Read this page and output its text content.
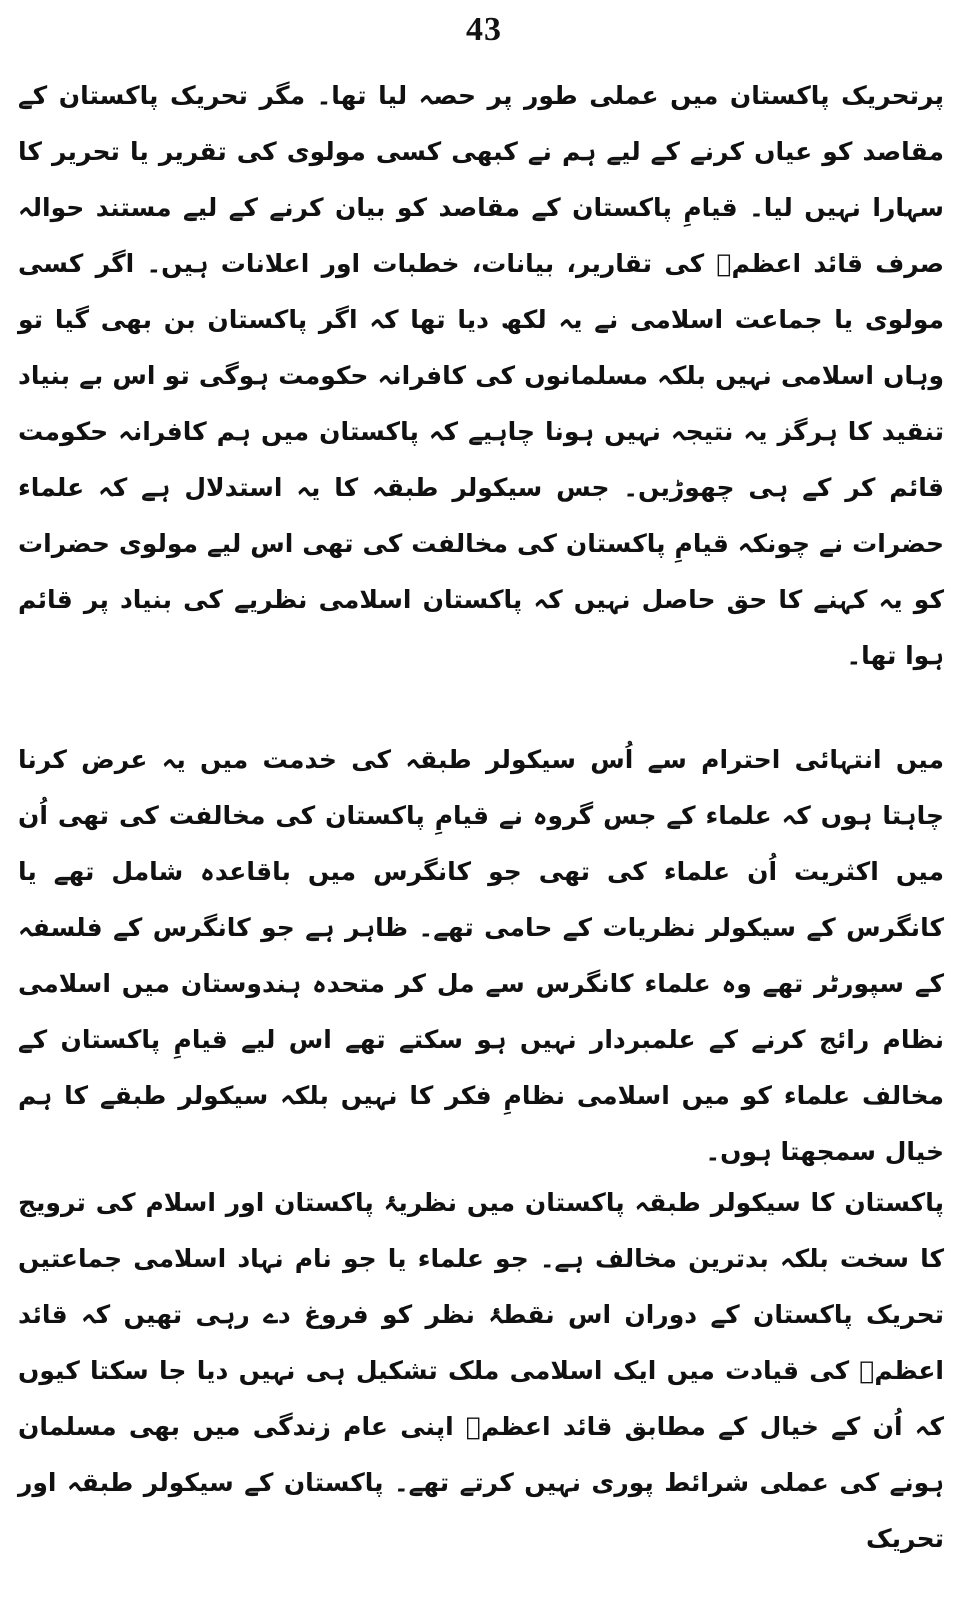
43

پرتحریک پاکستان میں عملی طور پر حصہ لیا تھا۔ مگر تحریک پاکستان کے مقاصد کو عیاں کرنے کے لیے ہم نے کبھی کسی مولوی کی تقریر یا تحریر کا سہارا نہیں لیا۔ قیامِ پاکستان کے مقاصد کو بیان کرنے کے لیے مستند حوالہ صرف قائد اعظمؒ کی تقاریر، بیانات، خطبات اور اعلانات ہیں۔ اگر کسی مولوی یا جماعت اسلامی نے یہ لکھ دیا تھا کہ اگر پاکستان بن بھی گیا تو وہاں اسلامی نہیں بلکہ مسلمانوں کی کافرانہ حکومت ہوگی تو اس بے بنیاد تنقید کا ہرگز یہ نتیجہ نہیں ہونا چاہیے کہ پاکستان میں ہم کافرانہ حکومت قائم کر کے ہی چھوڑیں۔ جس سیکولر طبقہ کا یہ استدلال ہے کہ علماء حضرات نے چونکہ قیامِ پاکستان کی مخالفت کی تھی اس لیے مولوی حضرات کو یہ کہنے کا حق حاصل نہیں کہ پاکستان اسلامی نظریے کی بنیاد پر قائم ہوا تھا۔

میں انتہائی احترام سے اُس سیکولر طبقہ کی خدمت میں یہ عرض کرنا چاہتا ہوں کہ علماء کے جس گروہ نے قیامِ پاکستان کی مخالفت کی تھی اُن میں اکثریت اُن علماء کی تھی جو کانگرس میں باقاعدہ شامل تھے یا کانگرس کے سیکولر نظریات کے حامی تھے۔ ظاہر ہے جو کانگرس کے فلسفہ کے سپورٹر تھے وہ علماء کانگرس سے مل کر متحدہ ہندوستان میں اسلامی نظام رائج کرنے کے علمبردار نہیں ہو سکتے تھے اس لیے قیامِ پاکستان کے مخالف علماء کو میں اسلامی نظامِ فکر کا نہیں بلکہ سیکولر طبقے کا ہم خیال سمجھتا ہوں۔

پاکستان کا سیکولر طبقہ پاکستان میں نظریۂ پاکستان اور اسلام کی ترویج کا سخت بلکہ بدترین مخالف ہے۔ جو علماء یا جو نام نہاد اسلامی جماعتیں تحریک پاکستان کے دوران اس نقطۂ نظر کو فروغ دے رہی تھیں کہ قائد اعظمؒ کی قیادت میں ایک اسلامی ملک تشکیل ہی نہیں دیا جا سکتا کیوں کہ اُن کے خیال کے مطابق قائد اعظمؒ اپنی عام زندگی میں بھی مسلمان ہونے کی عملی شرائط پوری نہیں کرتے تھے۔ پاکستان کے سیکولر طبقہ اور تحریک
